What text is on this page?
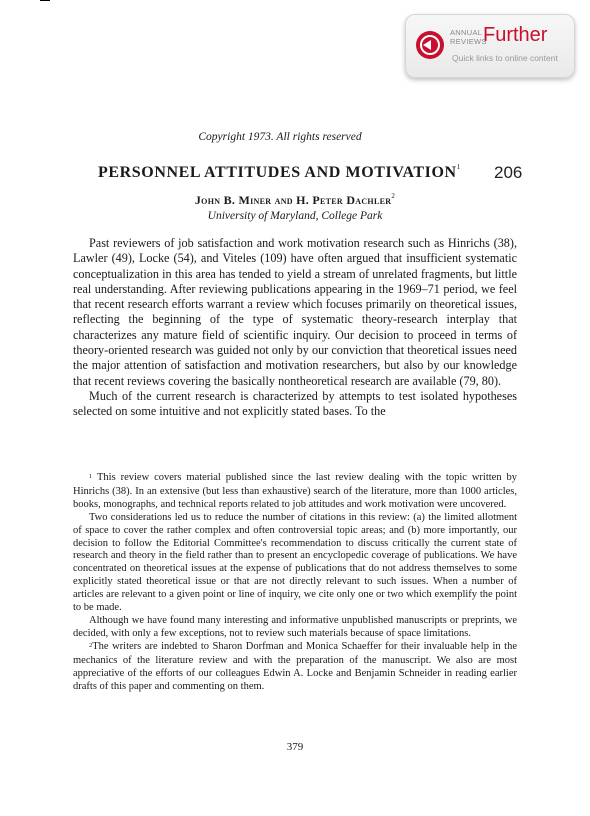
ANNUAL
REVIEWS
Further
Quick links to online content
Copyright 1973. All rights reserved
PERSONNEL ATTITUDES AND MOTIVATION$^1$ 206
John B. Miner and H. Peter Dachler$^2$
University of Maryland, College Park

Past reviewers of job satisfaction and work motivation research such as Hinrichs (38), Lawler (49), Locke (54), and Viteles (109) have often argued that insufficient systematic conceptualization in this area has tended to yield a stream of unrelated fragments, but little real understanding. After reviewing publications appearing in the 1969–71 period, we feel that recent research efforts warrant a review which focuses primarily on theoretical issues, reflecting the beginning of the type of systematic theory-research interplay that characterizes any mature field of scientific inquiry. Our decision to proceed in terms of theory-oriented research was guided not only by our conviction that theoretical issues need the major attention of satisfaction and motivation researchers, but also by our knowledge that recent reviews covering the basically nontheoretical research are available (79, 80).

Much of the current research is characterized by attempts to test isolated hypotheses selected on some intuitive and not explicitly stated bases. To the

$^1$ This review covers material published since the last review dealing with the topic written by Hinrichs (38). In an extensive (but less than exhaustive) search of the literature, more than 1000 articles, books, monographs, and technical reports related to job attitudes and work motivation were uncovered.

Two considerations led us to reduce the number of citations in this review: (a) the limited allotment of space to cover the rather complex and often controversial topic areas; and (b) more importantly, our decision to follow the Editorial Committee's recommendation to discuss critically the current state of research and theory in the field rather than to present an encyclopedic coverage of publications. We have concentrated on theoretical issues at the expense of publications that do not address themselves to some explicitly stated theoretical issue or that are not directly relevant to such issues. When a number of articles are relevant to a given point or line of inquiry, we cite only one or two which exemplify the point to be made.

Although we have found many interesting and informative unpublished manuscripts or preprints, we decided, with only a few exceptions, not to review such materials because of space limitations.

$^2$The writers are indebted to Sharon Dorfman and Monica Schaeffer for their invaluable help in the mechanics of the literature review and with the preparation of the manuscript. We also are most appreciative of the efforts of our colleagues Edwin A. Locke and Benjamin Schneider in reading earlier drafts of this paper and commenting on them.

379
